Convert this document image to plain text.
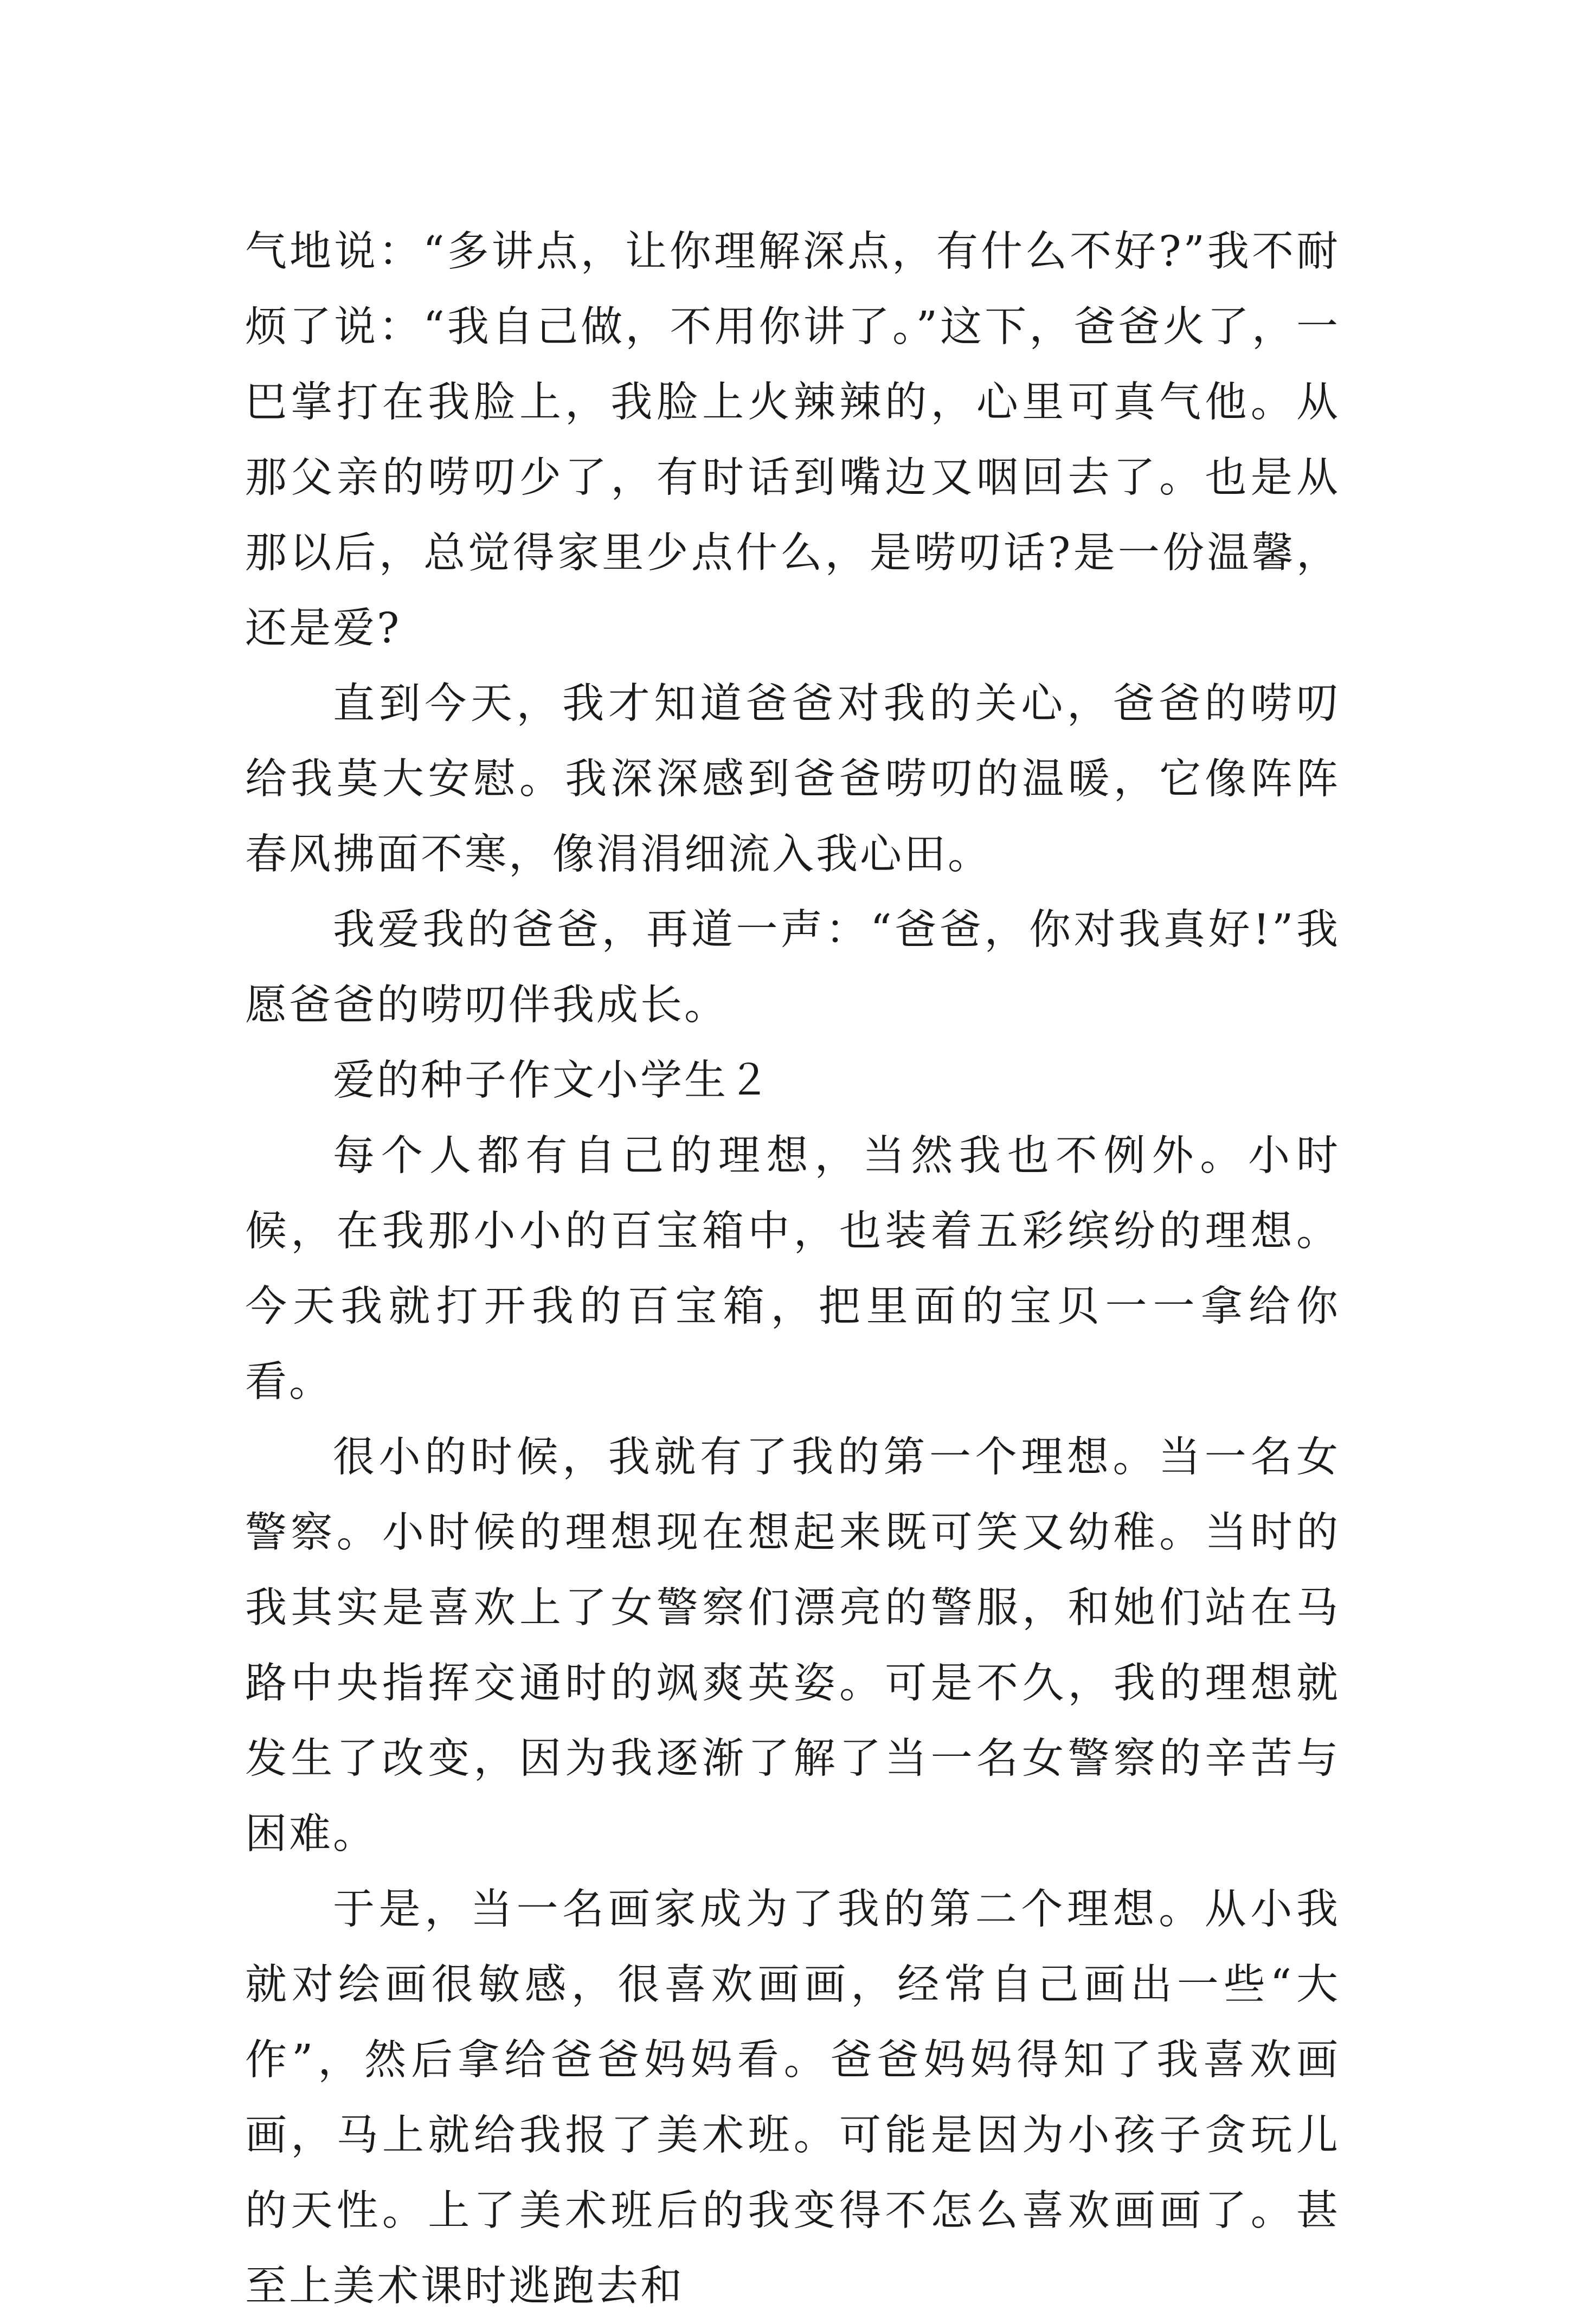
气地说：“多讲点，让你理解深点，有什么不好?”我不耐烦了说：“我自己做，不用你讲了。”这下，爸爸火了，一巴掌打在我脸上，我脸上火辣辣的，心里可真气他。从那父亲的唠叨少了，有时话到嘴边又咽回去了。也是从那以后，总觉得家里少点什么，是唠叨话?是一份温馨，还是爱?

直到今天，我才知道爸爸对我的关心，爸爸的唠叨给我莫大安慰。我深深感到爸爸唠叨的温暖，它像阵阵春风拂面不寒，像涓涓细流入我心田。

我爱我的爸爸，再道一声：“爸爸，你对我真好!”我愿爸爸的唠叨伴我成长。

爱的种子作文小学生２

每个人都有自己的理想，当然我也不例外。小时候，在我那小小的百宝箱中，也装着五彩缤纷的理想。今天我就打开我的百宝箱，把里面的宝贝一一拿给你看。

很小的时候，我就有了我的第一个理想。当一名女警察。小时候的理想现在想起来既可笑又幼稚。当时的我其实是喜欢上了女警察们漂亮的警服，和她们站在马路中央指挥交通时的飒爽英姿。可是不久，我的理想就发生了改变，因为我逐渐了解了当一名女警察的辛苦与困难。

于是，当一名画家成为了我的第二个理想。从小我就对绘画很敏感，很喜欢画画，经常自己画出一些“大作”，然后拿给爸爸妈妈看。爸爸妈妈得知了我喜欢画画，马上就给我报了美术班。可能是因为小孩子贪玩儿的天性。上了美术班后的我变得不怎么喜欢画画了。甚至上美术课时逃跑去和
